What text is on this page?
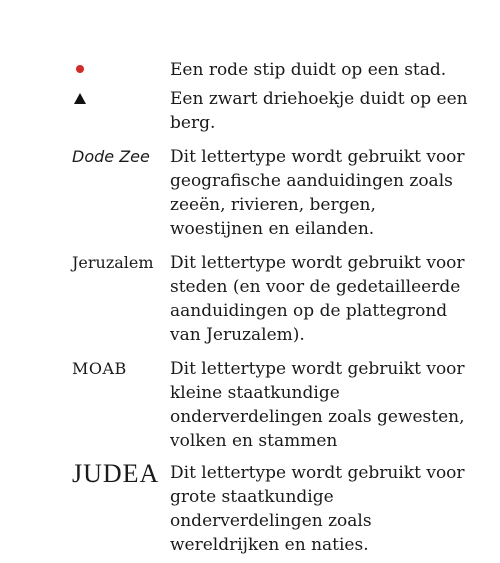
Een rode stip duidt op een stad.
Een zwart driehoekje duidt op een berg.
Dode Zee	Dit lettertype wordt gebruikt voor geografische aanduidingen zoals zeeën, rivieren, bergen, woestijnen en eilanden.
Jeruzalem Dit lettertype wordt gebruikt voor steden (en voor de gedetailleerde aanduidingen op de plattegrond van Jeruzalem).
MOAB	Dit lettertype wordt gebruikt voor kleine staatkundige onderverdelingen zoals gewesten, volken en stammen
JUDEA Dit lettertype wordt gebruikt voor grote staatkundige onderverdelingen zoals wereldrijken en naties.
